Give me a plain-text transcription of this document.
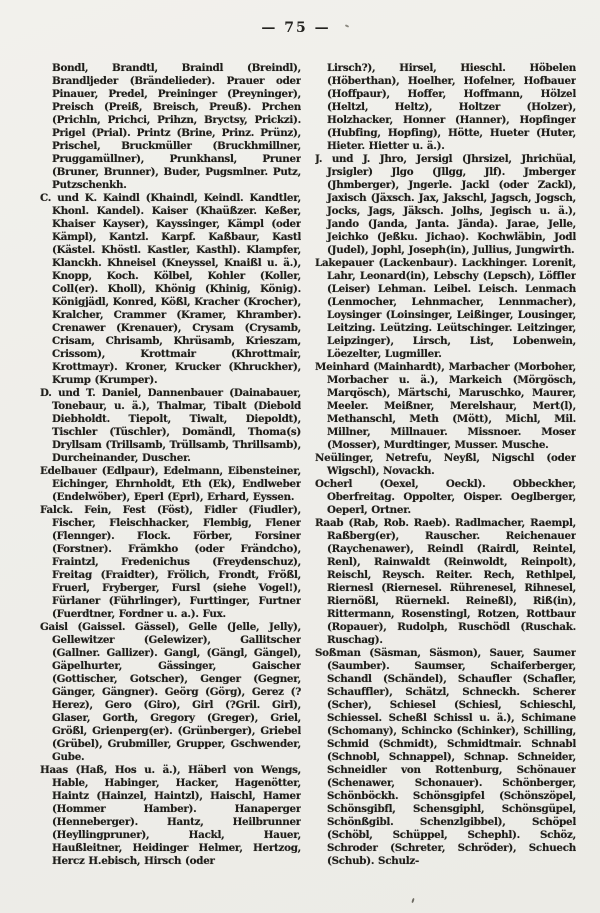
— 75 —

Bondl, Brandtl, Braindl (Breindl), Brandljeder (Brändelieder). Prauer oder Pinauer, Predel, Preininger (Preyninger), Preisch (Preiß, Breisch, Preuß). Prchen (Prichln, Prichci, Prihzn, Bryctsy, Prickzi). Prigel (Prial). Printz (Brine, Prinz. Prünz), Prischel, Bruckmüller (Bruckhmillner, Pruggamüllner), Prunkhansl, Pruner (Bruner, Brunner), Buder, Pugsmlner. Putz, Putzschenkh.

C. und K. Kaindl (Khaindl, Keindl. Kandtler, Khonl. Kandel). Kaiser (Khaüßzer. Keßer, Khaiser Kayser), Kayssinger, Kämpl (oder Kämpl), Kantzl. Karpf. Kaßbaur, Kastl (Kästel. Khöstl. Kastler, Kasthl). Klampfer, Klanckh. Khneisel (Kneyssel, Knaißl u. ä.), Knopp, Koch. Kölbel, Kohler (Koller, Coll(er). Kholl), Khönig (Khinig, König). Königjädl, Konred, Kößl, Kracher (Krocher), Kralcher, Crammer (Kramer, Khramber). Crenawer (Krenauer), Crysam (Crysamb, Crisam, Chrisamb, Khrüsamb, Krieszam, Crissom), Krottmair (Khrottmair, Krottmayr). Kroner, Krucker (Khruckher), Krump (Krumper).

D. und T. Daniel, Dannenbauer (Dainabauer, Tonebaur, u. ä.), Thalmar, Tibalt (Diebold Diebholdt. Tiepolt, Tiwalt, Diepoldt), Tischler (Tüschler), Domändl, Thoma(s) Dryllsam (Trillsamb, Trüllsamb, Thrillsamb), Durcheinander, Duscher.

Edelbauer (Edlpaur), Edelmann, Eibensteiner, Eichinger, Ehrnholdt, Eth (Ek), Endlweber (Endelwöber), Eperl (Eprl), Erhard, Eyssen.

Falck. Fein, Fest (Föst), Fidler (Fiudler), Fischer, Fleischhacker, Flembig, Flener (Flennger). Flock. Förber, Forsiner (Forstner). Främkho (oder Frändcho), Fraintzl, Fredenichus (Freydenschuz), Freitag (Fraidter), Frölich, Frondt, Frößl, Fruerl, Fryberger, Fursl (siehe Vogel!), Fürlaner (Führlinger), Furttinger, Furtner (Fuerdtner, Fordner u. a.). Fux.

Gaisl (Gaissel. Gässel), Gelle (Jelle, Jelly), Gellewitzer (Gelewizer), Gallitscher (Gallner. Gallizer). Gangl, (Gängl, Gängel), Gäpelhurter, Gässinger, Gaischer (Gottischer, Gotscher), Genger (Gegner, Gänger, Gängner). Geörg (Görg), Gerez (?Herez), Gero (Giro), Girl (?Gril. Girl), Glaser, Gorth, Gregory (Greger), Griel, Größl, Grienperg(er). (Grünberger), Griebel (Grübel), Grubmiller, Grupper, Gschwender, Gube.

Haas (Haß, Hos u. ä.), Häberl von Wengs, Hable, Habinger, Hacker, Hagenötter, Haintz (Hainzel, Haintzl), Haischl, Hamer (Hommer Hamber). Hanaperger (Henneberger). Hantz, Heilbrunner (Heyllingpruner), Hackl, Hauer, Haußleitner, Heidinger Helmer, Hertzog, Hercz H.ebisch, Hirsch (oder

Lirsch?), Hirsel, Hieschl. Höbelen (Höberthan), Hoelher, Hofelner, Hofbauer (Hoffpaur), Hoffer, Hoffmann, Hölzel (Heltzl, Heltz), Holtzer (Holzer), Holzhacker, Honner (Hanner), Hopfinger (Hubfing, Hopfing), Hötte, Hueter (Huter, Hieter. Hietter u. ä.).

J. und J. Jhro, Jersigl (Jhrsizel, Jhrichüal, Jrsigler) Jlgo (Jllgg, Jlf). Jmberger (Jhmberger), Jngerle. Jackl (oder Zackl), Jaxisch (Jäxsch. Jax, Jakschl, Jagsch, Jogsch, Jocks, Jags, Jäksch. Jolhs, Jegisch u. ä.), Jando (Janda, Janta. Jända). Jarae, Jelle, Jeichko (Jeßku. Jichao). Kochwläbin, Jodl (Judel), Jophl, Joseph(in), Jullius, Jungwirth.

Lakepauer (Lackenbaur). Lackhinger. Lorenit, Lahr, Leonard(in), Lebschy (Lepsch), Löffler (Leiser) Lehman. Leibel. Leisch. Lenmach (Lenmocher, Lehnmacher, Lennmacher), Loysinger (Loinsinger, Leißinger, Lousinger, Leitzing. Leützing. Leütschinger. Leitzinger, Leipzinger), Lirsch, List, Lobenwein, Löezelter, Lugmiller.

Meinhard (Mainhardt), Marbacher (Morboher, Morbacher u. ä.), Markeich (Mörgösch, Marqösch), Märtschi, Maruschko, Maurer, Meeler. Meißner, Merelshaur, Mert(l), Methanschl, Meth (Mött), Michl, Mil. Millner, Millnauer. Missnoer. Moser (Mosser), Murdtinger, Musser. Musche.

Neülinger, Netrefu, Neyßl, Nigschl (oder Wigschl), Novackh.

Ocherl (Oexel, Oeckl). Obbeckher, Oberfreitag. Oppolter, Oisper. Oeglberger, Oeperl, Ortner.

Raab (Rab, Rob. Raeb). Radlmacher, Raempl, Raßberg(er), Rauscher. Reichenauer (Raychenawer), Reindl (Rairdl, Reintel, Renl), Rainwaldt (Reinwoldt, Reinpolt), Reischl, Reysch. Reiter. Rech, Rethlpel, Riernesl (Riernesel. Rührenesel, Rihnesel, Riernößl, Rüernekl. Reineßl), Riß(in), Rittermann, Rosenstingl, Rotzen, Rottbaur (Ropauer), Rudolph, Ruschödl (Ruschak. Ruschag).

Soßman (Säsman, Säsmon), Sauer, Saumer (Saumber). Saumser, Schaiferberger, Schandl (Schändel), Schaufler (Schafler, Schauffler), Schätzl, Schneckh. Scherer (Scher), Schiesel (Schiesl, Schieschl, Schiessel. Scheßl Schissl u. ä.), Schimane (Schomany), Schincko (Schinker), Schilling, Schmid (Schmidt), Schmidtmair. Schnabl (Schnobl, Schnappel), Schnap. Schneider, Schneidler von Rottenburg, Schönauer (Schenawer, Schonauer). Schönberger, Schönböckh. Schönsgipfel (Schönszöpel, Schönsgibfl, Schensgiphl, Schönsgüpel, Schönßgibl. Schenzlgibbel), Schöpel (Schöbl, Schüppel, Schephl). Schöz, Schroder (Schreter, Schröder), Schuech (Schub). Schulz-
